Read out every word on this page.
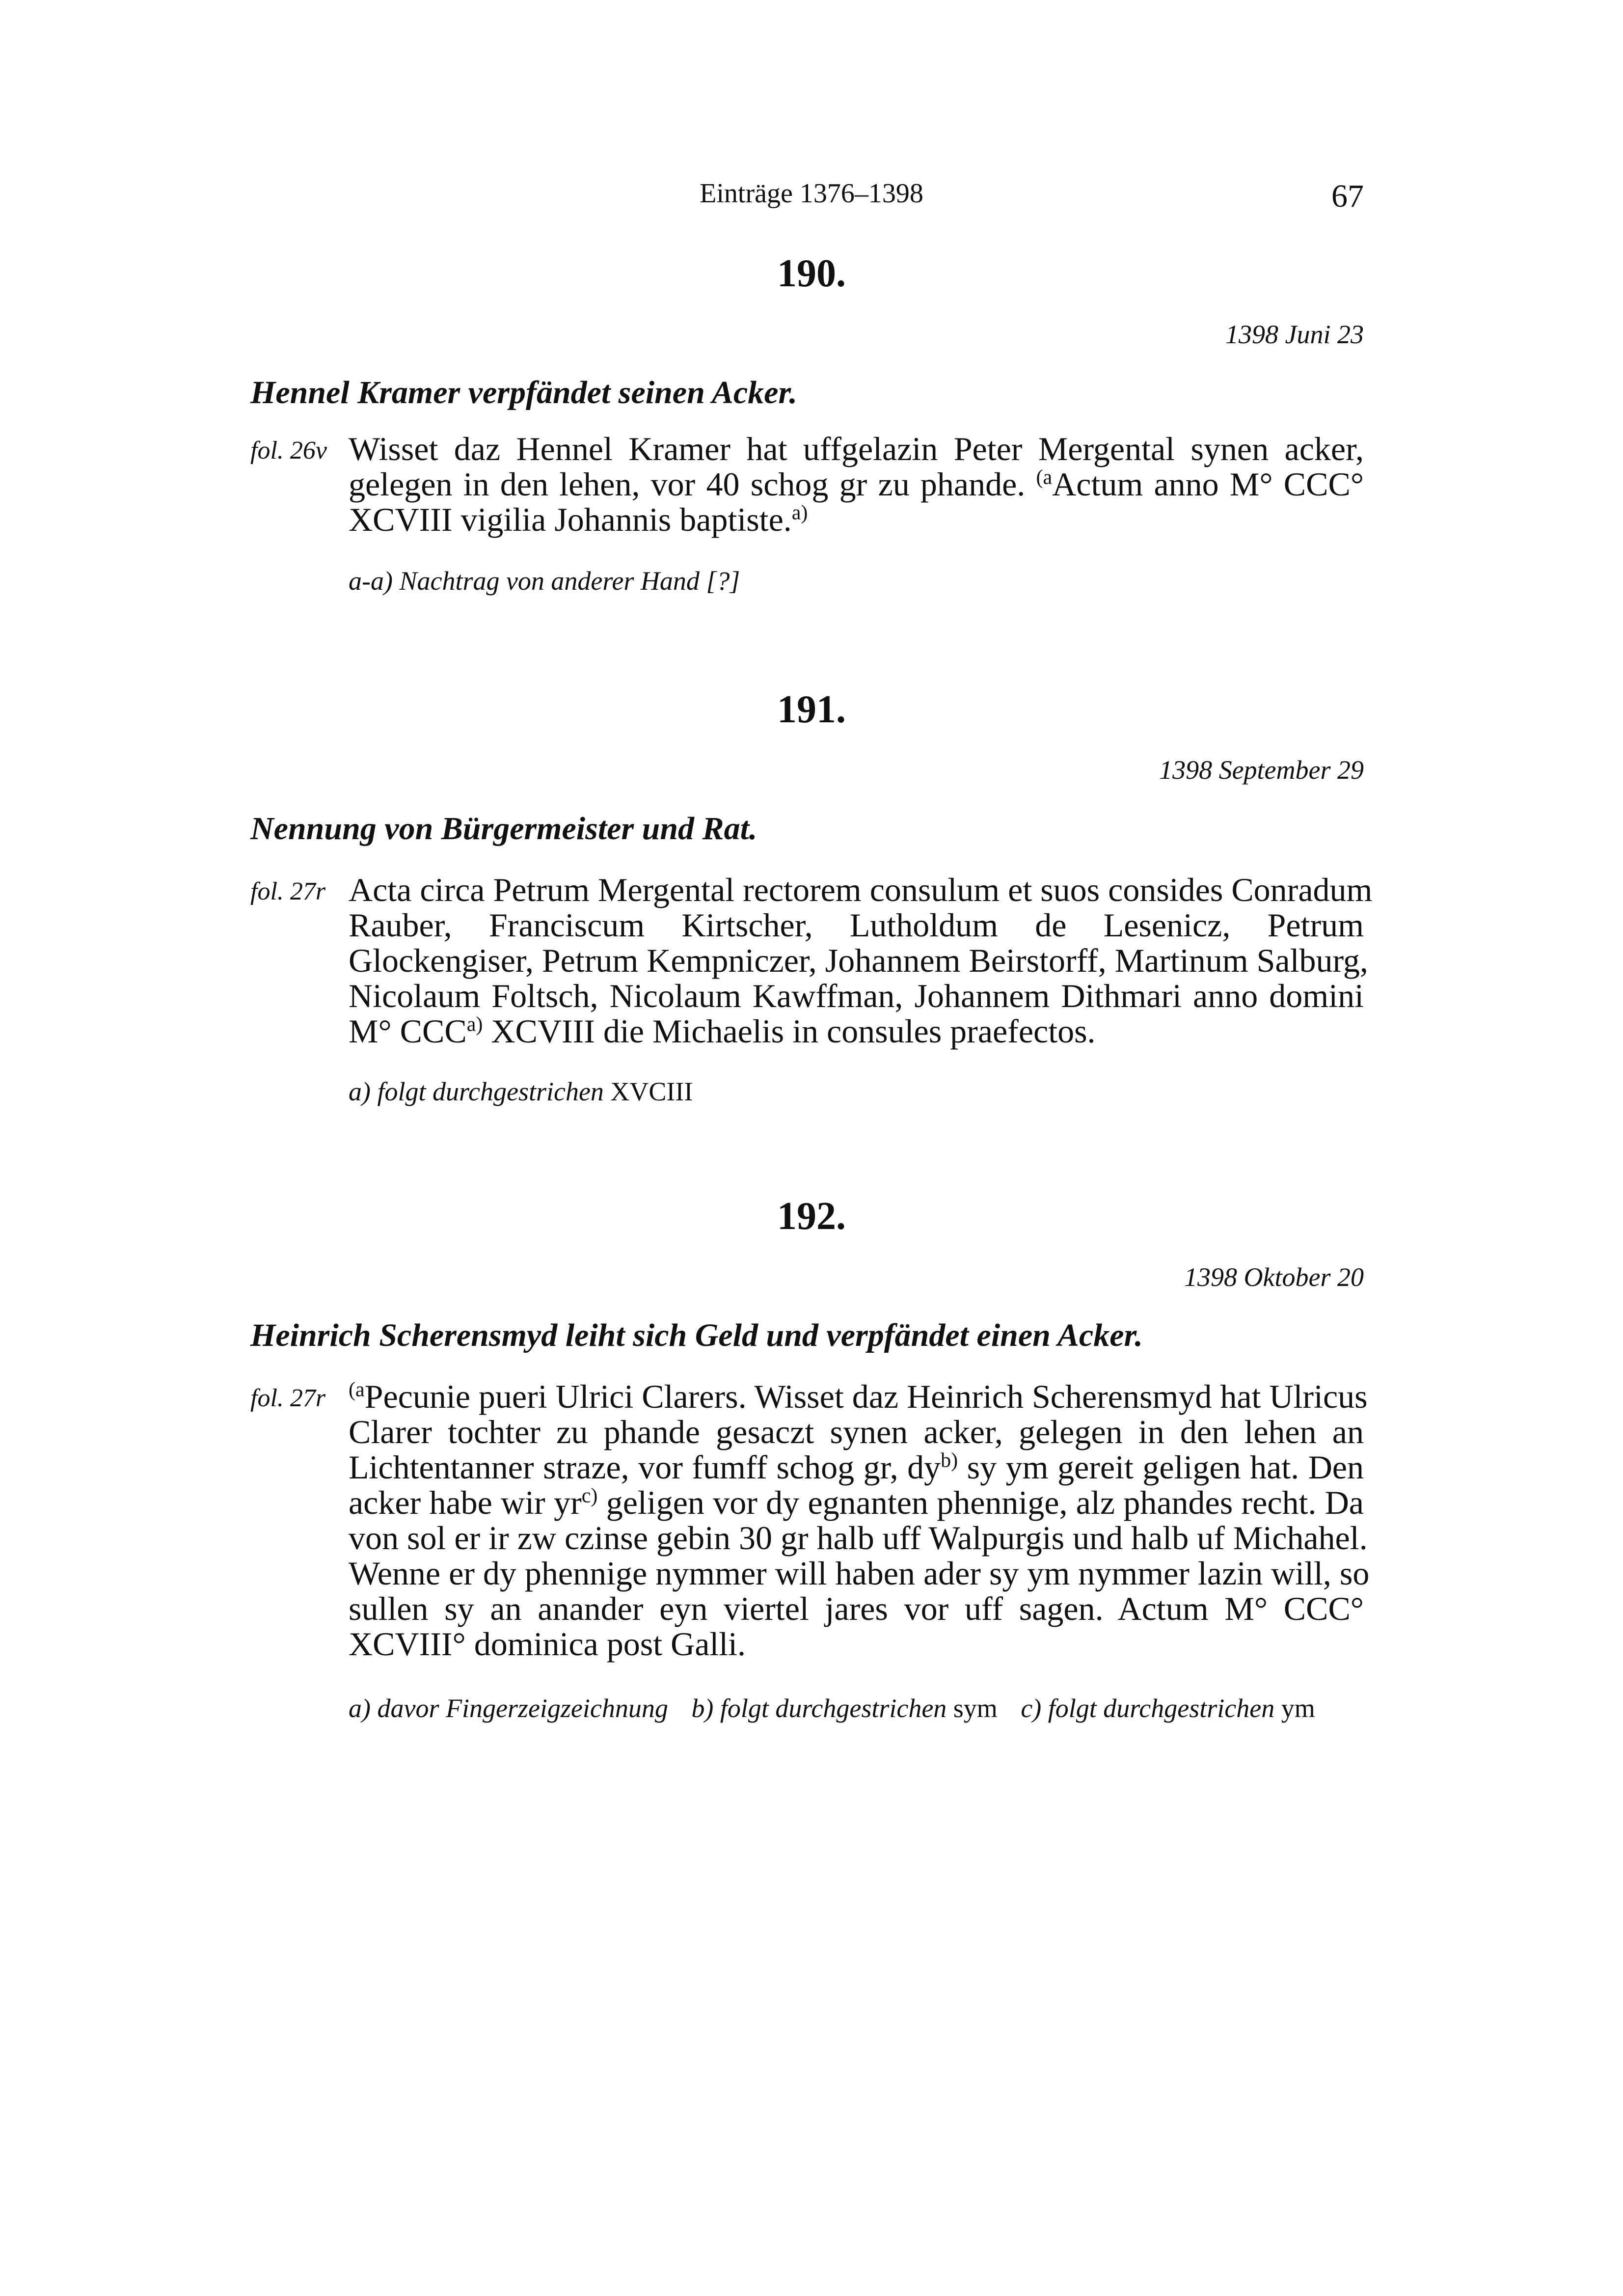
Einträge 1376–1398	67
190.
1398 Juni 23
Hennel Kramer verpfändet seinen Acker.
fol. 26v Wisset daz Hennel Kramer hat uffgelazin Peter Mergental synen acker,
gelegen in den lehen, vor 40 schog gr zu phande. $^{(a}$Actum anno M° CCC°
XCVIII vigilia Johannis baptiste.$^{a)}$
a-a) Nachtrag von anderer Hand [?]
191.
1398 September 29
Nennung von Bürgermeister und Rat.
fol. 27r Acta circa Petrum Mergental rectorem consulum et suos consides Conradum
Rauber, Franciscum Kirtscher, Lutholdum de Lesenicz, Petrum
Glockengiser, Petrum Kempniczer, Johannem Beirstorff, Martinum Salburg,
Nicolaum Foltsch, Nicolaum Kawffman, Johannem Dithmari anno domini
M° CCC$^{a)}$ XCVIII die Michaelis in consules praefectos.
a) folgt durchgestrichen XVCIII
192.
1398 Oktober 20
Heinrich Scherensmyd leiht sich Geld und verpfändet einen Acker.
fol. 27r $^{(a}$Pecunie pueri Ulrici Clarers. Wisset daz Heinrich Scherensmyd hat Ulricus
Clarer tochter zu phande gesaczt synen acker, gelegen in den lehen an
Lichtentanner straze, vor fumff schog gr, $dy^{b)}$ sy ym gereit geligen hat. Den
acker habe wir $yr^{c)}$ geligen vor dy egnanten phennige, alz phandes recht. Da
von sol er ir zw czinse gebin 30 gr halb uff Walpurgis und halb uf Michahel.
Wenne er dy phennige nymmer will haben ader sy ym nymmer lazin will, so
sullen sy an anander eyn viertel jares vor uff sagen. Actum M° CCC°
XCVIII° dominica post Galli.
a) davor Fingerzeigzeichnung b) folgt durchgestrichen sym c) folgt durchgestrichen ym
